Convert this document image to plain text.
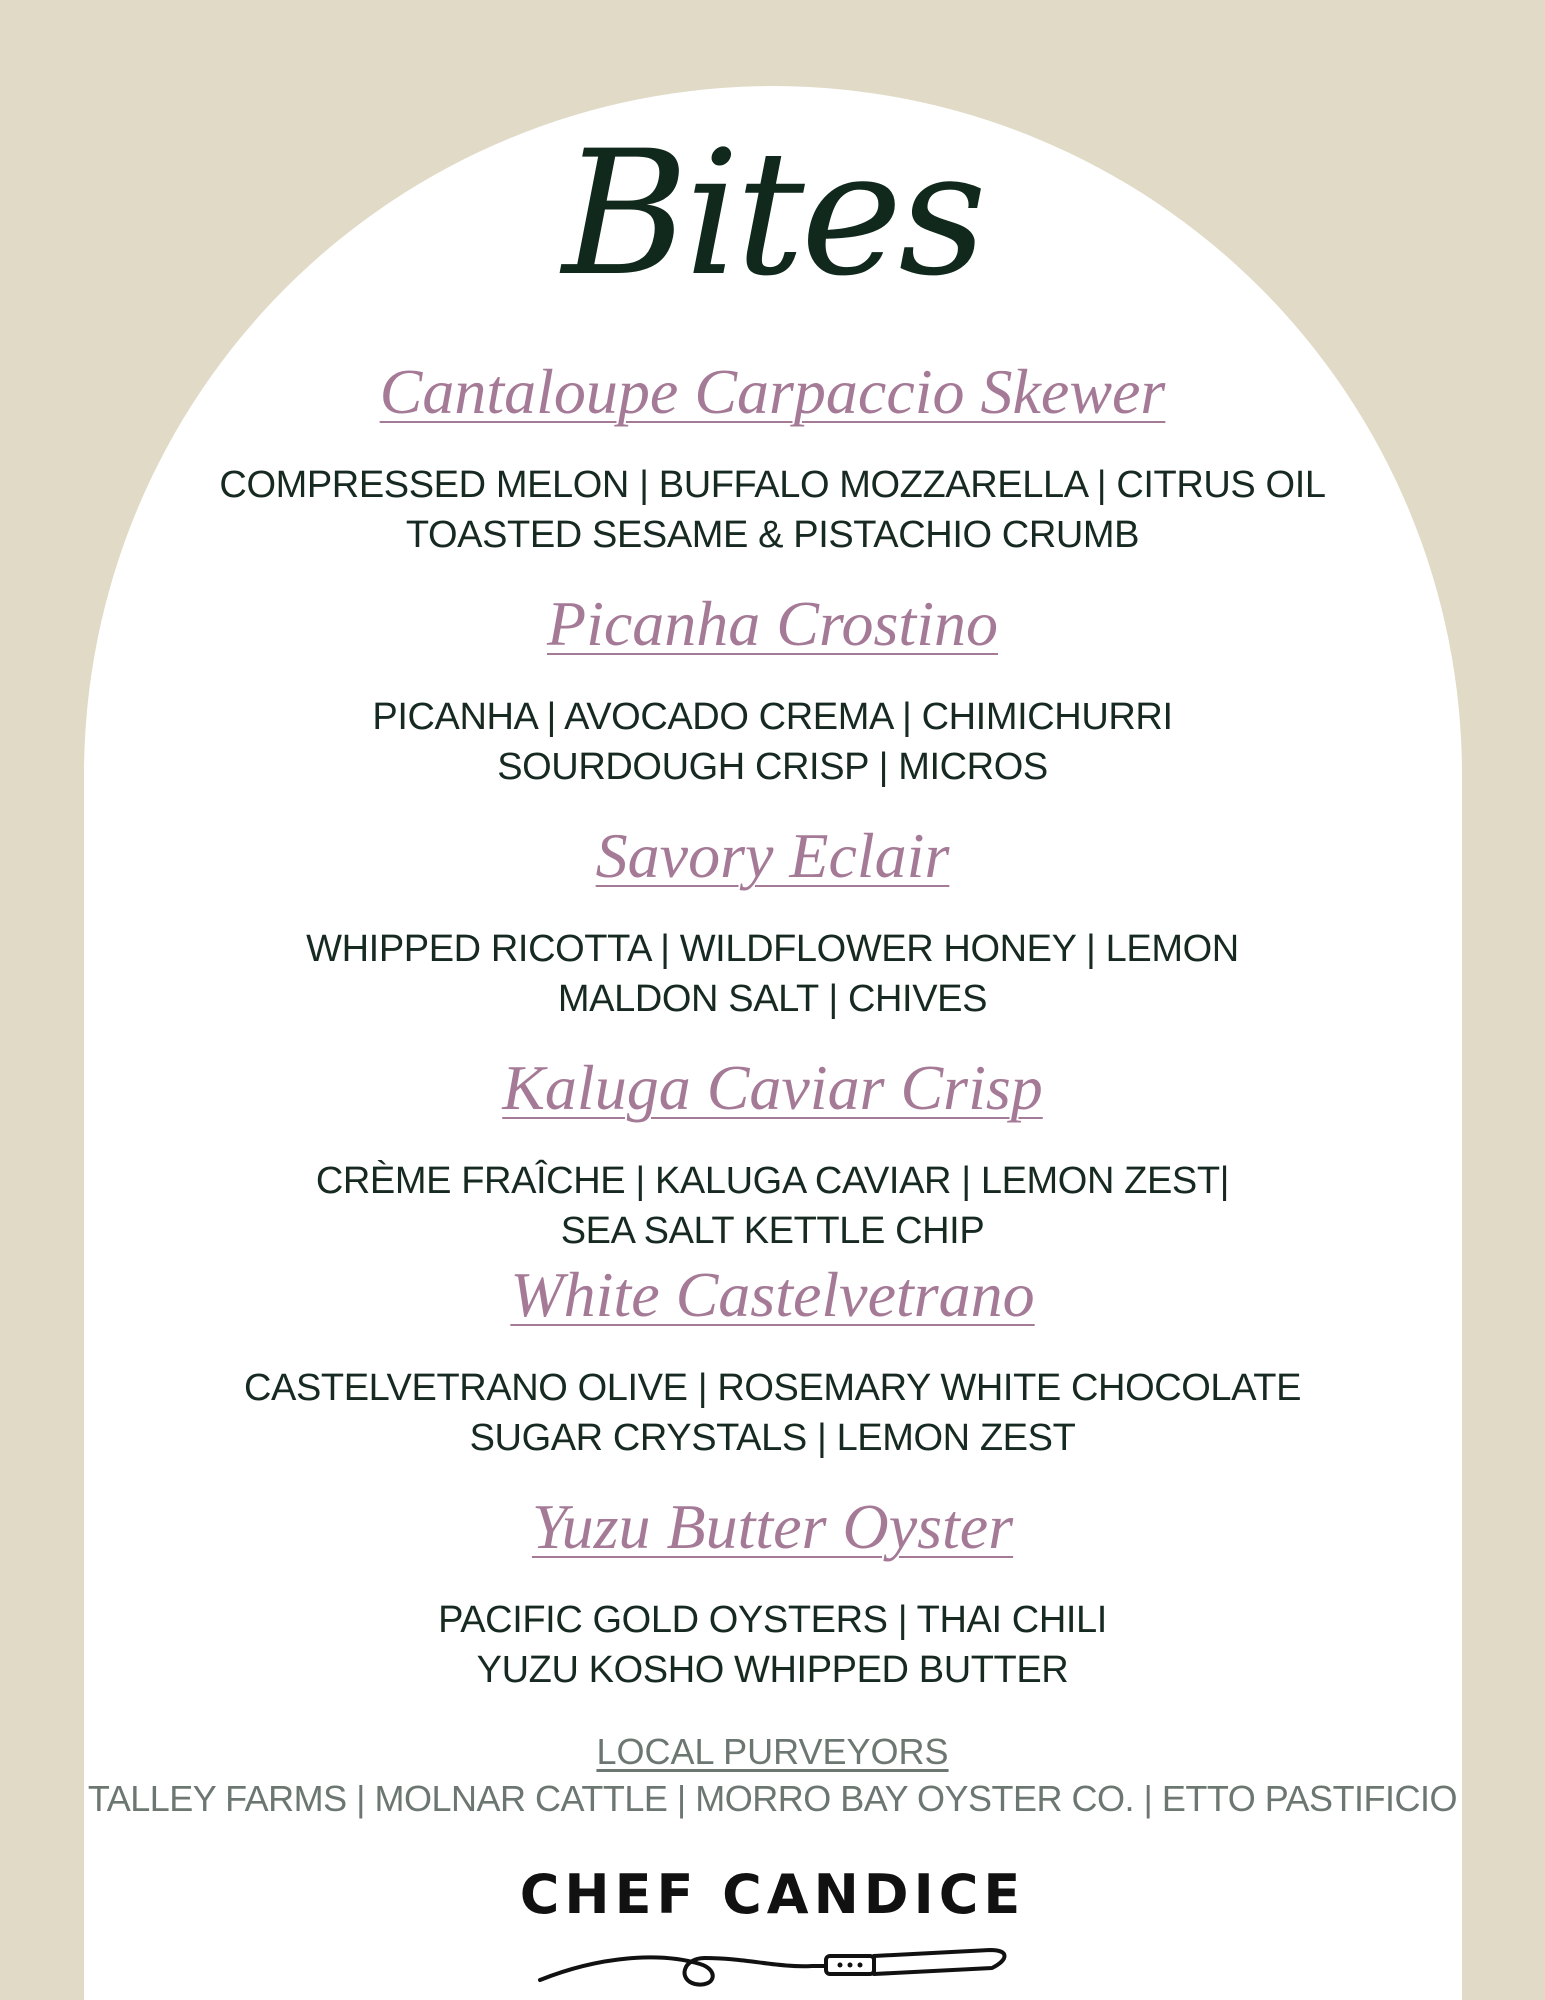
Bites
Cantaloupe Carpaccio Skewer
COMPRESSED MELON | BUFFALO MOZZARELLA | CITRUS OIL
TOASTED SESAME & PISTACHIO CRUMB
Picanha Crostino
PICANHA | AVOCADO CREMA | CHIMICHURRI
SOURDOUGH CRISP | MICROS
Savory Eclair
WHIPPED RICOTTA | WILDFLOWER HONEY | LEMON
MALDON SALT | CHIVES
Kaluga Caviar Crisp
CRÈME FRAÎCHE | KALUGA CAVIAR | LEMON ZEST|
SEA SALT KETTLE CHIP
White Castelvetrano
CASTELVETRANO OLIVE | ROSEMARY WHITE CHOCOLATE
SUGAR CRYSTALS | LEMON ZEST
Yuzu Butter Oyster
PACIFIC GOLD OYSTERS | THAI CHILI
YUZU KOSHO WHIPPED BUTTER
LOCAL PURVEYORS
TALLEY FARMS | MOLNAR CATTLE | MORRO BAY OYSTER CO. | ETTO PASTIFICIO
CHEF CANDICE
